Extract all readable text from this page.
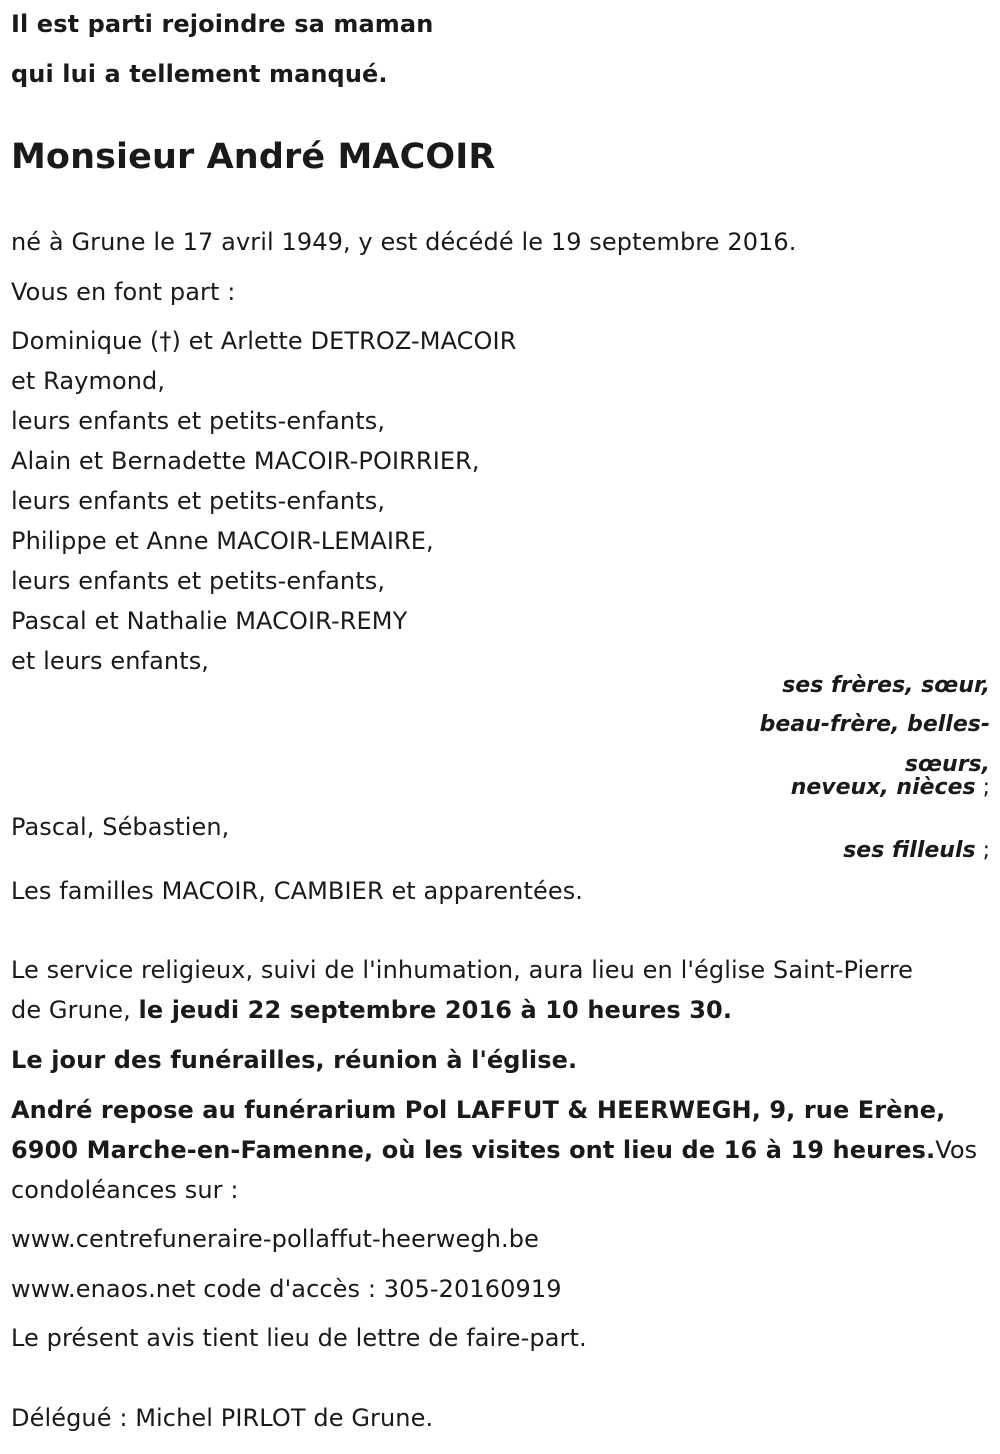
Il est parti rejoindre sa maman

qui lui a tellement manqué.

Monsieur André MACOIR

né à Grune le 17 avril 1949, y est décédé le 19 septembre 2016.

Vous en font part :

Dominique (†) et Arlette DETROZ-MACOIR

et Raymond,

leurs enfants et petits-enfants,

Alain et Bernadette MACOIR-POIRRIER,

leurs enfants et petits-enfants,

Philippe et Anne MACOIR-LEMAIRE,

leurs enfants et petits-enfants,

Pascal et Nathalie MACOIR-REMY

et leurs enfants,

ses frères, sœur,

beau-frère, belles-

sœurs,

neveux, nièces ;

Pascal, Sébastien,

ses filleuls ;

Les familles MACOIR, CAMBIER et apparentées.

Le service religieux, suivi de l'inhumation, aura lieu en l'église Saint-Pierre

de Grune, le jeudi 22 septembre 2016 à 10 heures 30.

Le jour des funérailles, réunion à l'église.

André repose au funérarium Pol LAFFUT & HEERWEGH, 9, rue Erène,

6900 Marche-en-Famenne, où les visites ont lieu de 16 à 19 heures.Vos

condoléances sur :

www.centrefuneraire-pollaffut-heerwegh.be

www.enaos.net code d'accès : 305-20160919

Le présent avis tient lieu de lettre de faire-part.

Délégué : Michel PIRLOT de Grune.
